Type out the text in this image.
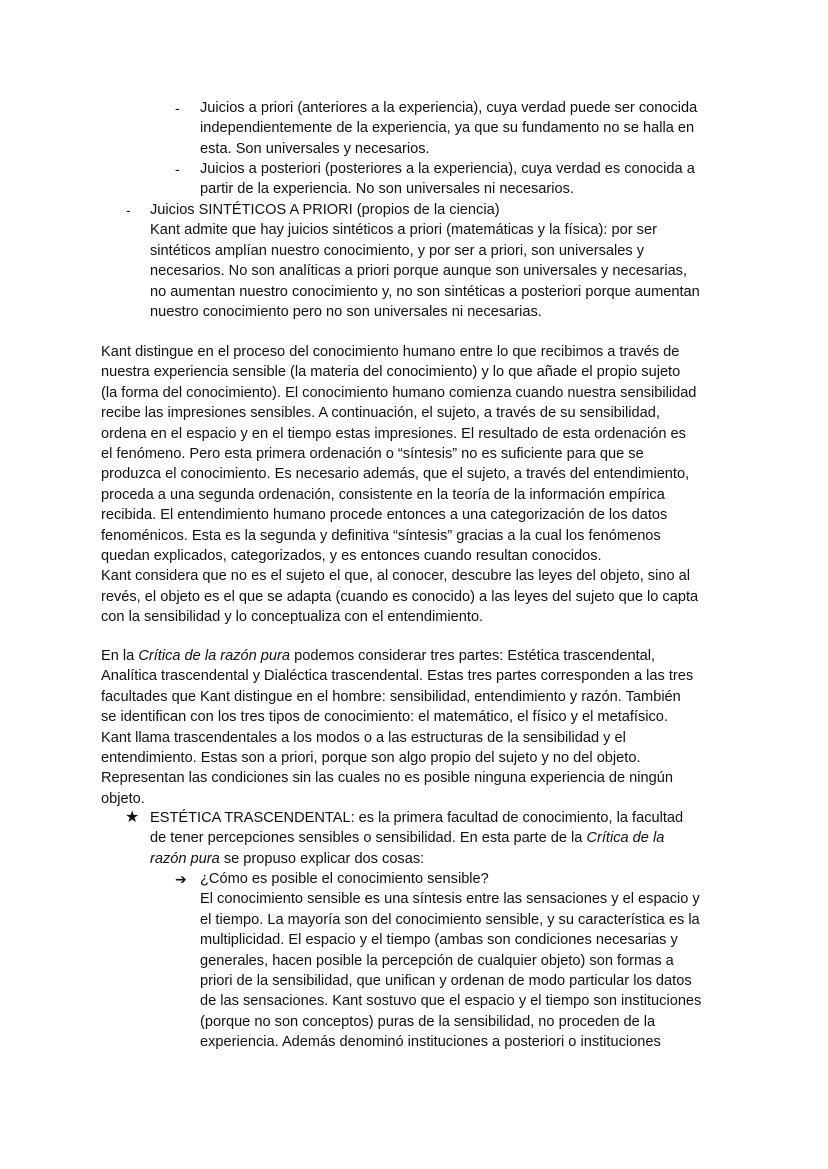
- Juicios a priori (anteriores a la experiencia), cuya verdad puede ser conocida
independientemente de la experiencia, ya que su fundamento no se halla en
esta. Son universales y necesarios.
- Juicios a posteriori (posteriores a la experiencia), cuya verdad es conocida a
partir de la experiencia. No son universales ni necesarios.
- Juicios SINTÉTICOS A PRIORI (propios de la ciencia)
Kant admite que hay juicios sintéticos a priori (matemáticas y la física): por ser
sintéticos amplían nuestro conocimiento, y por ser a priori, son universales y
necesarios. No son analíticas a priori porque aunque son universales y necesarias,
no aumentan nuestro conocimiento y, no son sintéticas a posteriori porque aumentan
nuestro conocimiento pero no son universales ni necesarias.
Kant distingue en el proceso del conocimiento humano entre lo que recibimos a través de
nuestra experiencia sensible (la materia del conocimiento) y lo que añade el propio sujeto
(la forma del conocimiento). El conocimiento humano comienza cuando nuestra sensibilidad
recibe las impresiones sensibles. A continuación, el sujeto, a través de su sensibilidad,
ordena en el espacio y en el tiempo estas impresiones. El resultado de esta ordenación es
el fenómeno. Pero esta primera ordenación o “síntesis” no es suficiente para que se
produzca el conocimiento. Es necesario además, que el sujeto, a través del entendimiento,
proceda a una segunda ordenación, consistente en la teoría de la información empírica
recibida. El entendimiento humano procede entonces a una categorización de los datos
fenoménicos. Esta es la segunda y definitiva “síntesis” gracias a la cual los fenómenos
quedan explicados, categorizados, y es entonces cuando resultan conocidos.
Kant considera que no es el sujeto el que, al conocer, descubre las leyes del objeto, sino al
revés, el objeto es el que se adapta (cuando es conocido) a las leyes del sujeto que lo capta
con la sensibilidad y lo conceptualiza con el entendimiento.
En la Crítica de la razón pura podemos considerar tres partes: Estética trascendental,
Analítica trascendental y Dialéctica trascendental. Estas tres partes corresponden a las tres
facultades que Kant distingue en el hombre: sensibilidad, entendimiento y razón. También
se identifican con los tres tipos de conocimiento: el matemático, el físico y el metafísico.
Kant llama trascendentales a los modos o a las estructuras de la sensibilidad y el
entendimiento. Estas son a priori, porque son algo propio del sujeto y no del objeto.
Representan las condiciones sin las cuales no es posible ninguna experiencia de ningún
objeto.
★ ESTÉTICA TRASCENDENTAL: es la primera facultad de conocimiento, la facultad
de tener percepciones sensibles o sensibilidad. En esta parte de la Crítica de la
razón pura se propuso explicar dos cosas:
➔ ¿Cómo es posible el conocimiento sensible?
El conocimiento sensible es una síntesis entre las sensaciones y el espacio y
el tiempo. La mayoría son del conocimiento sensible, y su característica es la
multiplicidad. El espacio y el tiempo (ambas son condiciones necesarias y
generales, hacen posible la percepción de cualquier objeto) son formas a
priori de la sensibilidad, que unifican y ordenan de modo particular los datos
de las sensaciones. Kant sostuvo que el espacio y el tiempo son instituciones
(porque no son conceptos) puras de la sensibilidad, no proceden de la
experiencia. Además denominó instituciones a posteriori o instituciones
